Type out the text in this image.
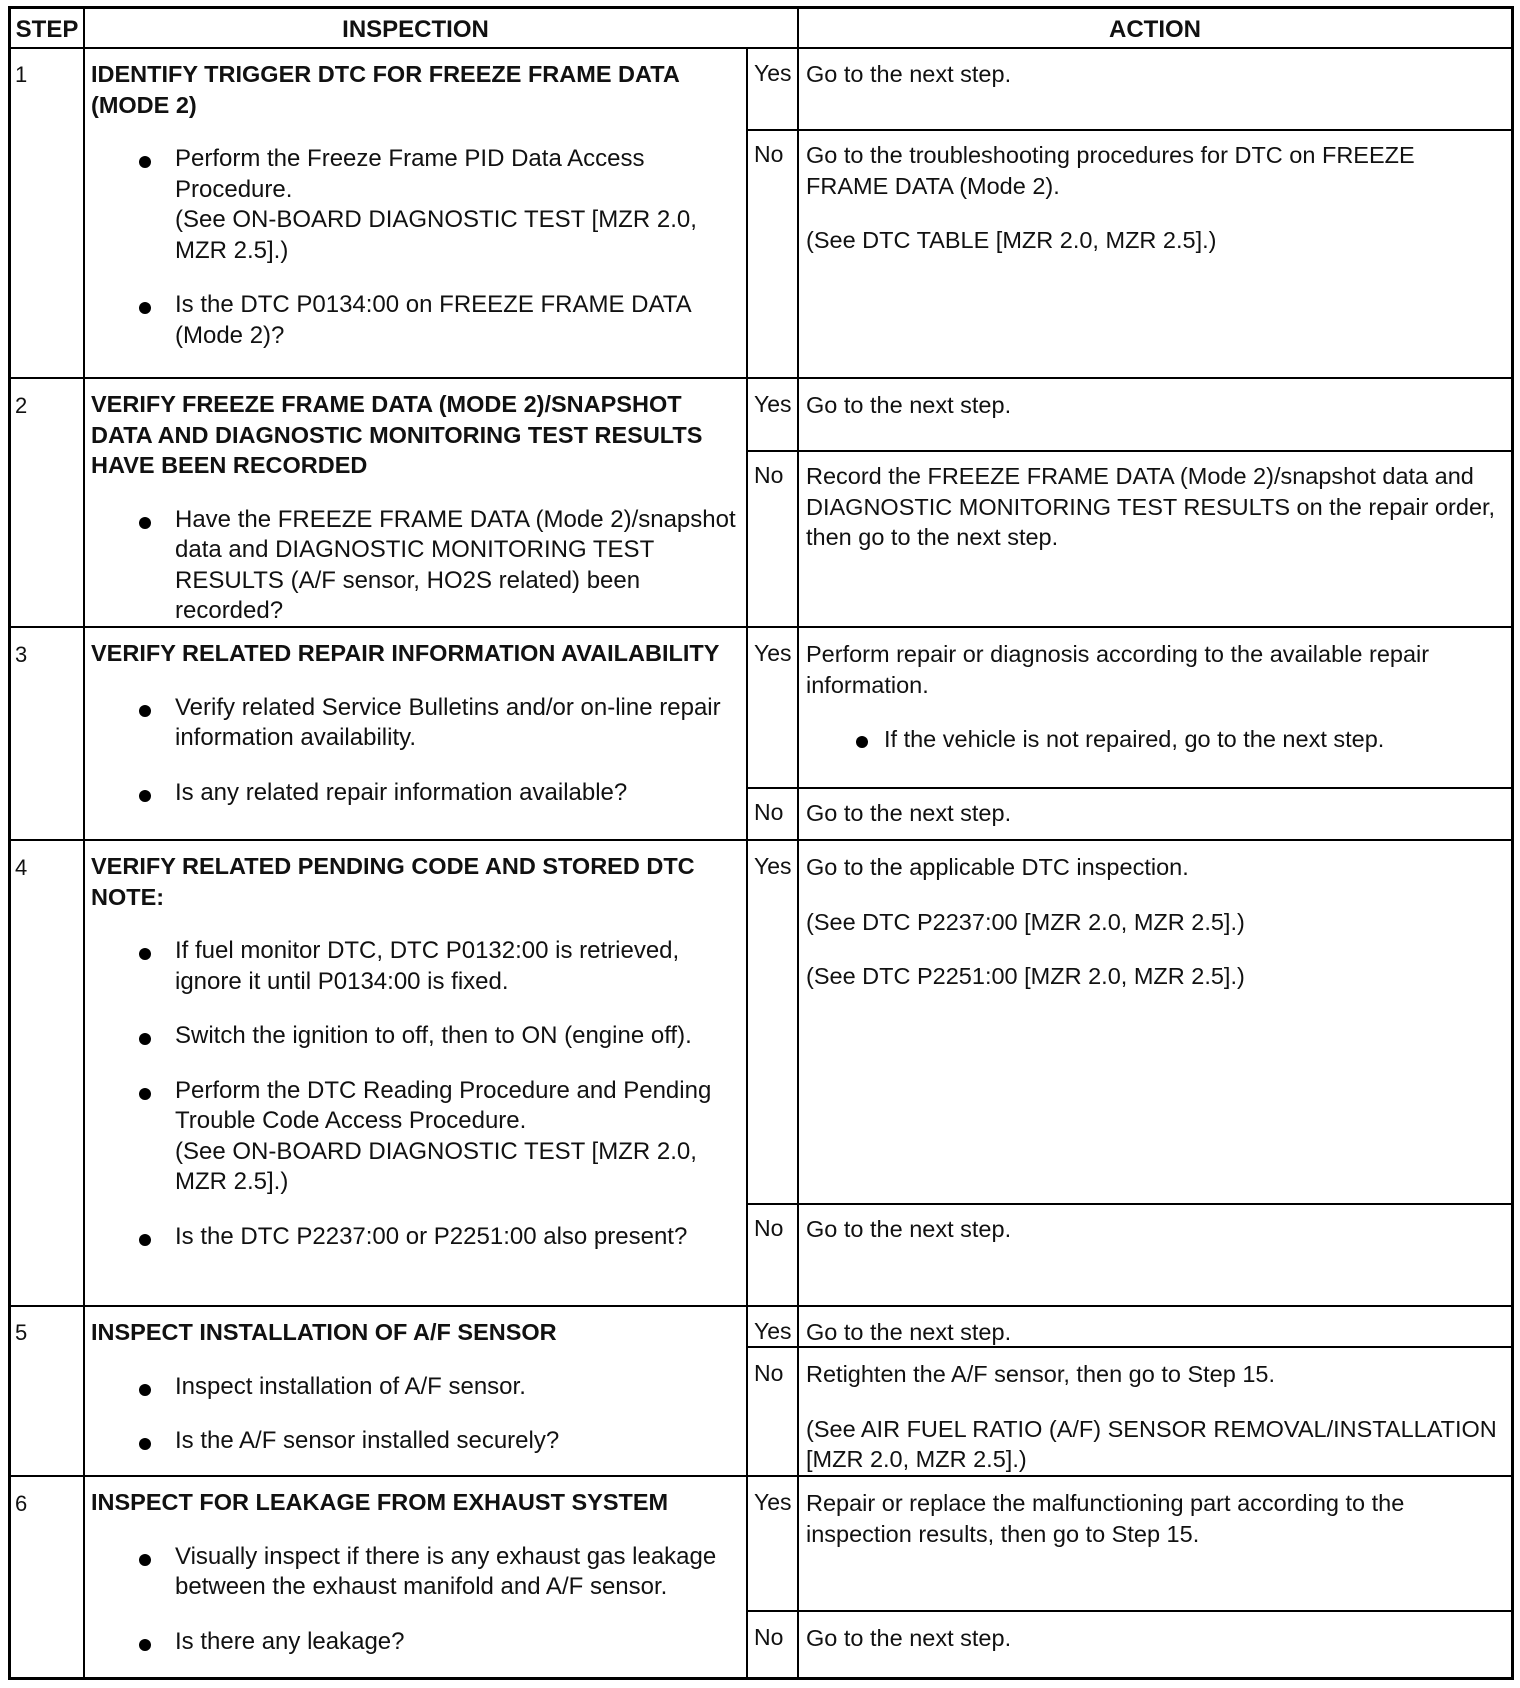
STEP	INSPECTION	ACTION
1	IDENTIFY TRIGGER DTC FOR FREEZE FRAME DATA (MODE 2)

Perform the Freeze Frame PID Data Access Procedure.

(See ON-BOARD DIAGNOSTIC TEST [MZR 2.0, MZR 2.5].)

Is the DTC P0134:00 on FREEZE FRAME DATA (Mode 2)?
Yes Go to the next step.

No Go to the troubleshooting procedures for DTC on FREEZE FRAME DATA (Mode 2).

(See DTC TABLE [MZR 2.0, MZR 2.5].)

2	VERIFY FREEZE FRAME DATA (MODE 2)/SNAPSHOT DATA AND DIAGNOSTIC MONITORING TEST RESULTS HAVE BEEN RECORDED

Have the FREEZE FRAME DATA (Mode 2)/snapshot data and DIAGNOSTIC MONITORING TEST RESULTS (A/F sensor, HO2S related) been recorded?
Yes Go to the next step.

No Record the FREEZE FRAME DATA (Mode 2)/snapshot data and DIAGNOSTIC MONITORING TEST RESULTS on the repair order, then go to the next step.

3	VERIFY RELATED REPAIR INFORMATION AVAILABILITY

Verify related Service Bulletins and/or on-line repair information availability.
Is any related repair information available?
Yes Perform repair or diagnosis according to the available repair information.

If the vehicle is not repaired, go to the next step.
No Go to the next step.

4	VERIFY RELATED PENDING CODE AND STORED DTC

NOTE:

If fuel monitor DTC, DTC P0132:00 is retrieved, ignore it until P0134:00 is fixed.
Switch the ignition to off, then to ON (engine off).
Perform the DTC Reading Procedure and Pending Trouble Code Access Procedure.

(See ON-BOARD DIAGNOSTIC TEST [MZR 2.0, MZR 2.5].)

Is the DTC P2237:00 or P2251:00 also present?
Yes Go to the applicable DTC inspection.

(See DTC P2237:00 [MZR 2.0, MZR 2.5].)

(See DTC P2251:00 [MZR 2.0, MZR 2.5].)

No Go to the next step.

5	INSPECT INSTALLATION OF A/F SENSOR

Inspect installation of A/F sensor.
Is the A/F sensor installed securely?
Yes Go to the next step.

No Retighten the A/F sensor, then go to Step 15.

(See AIR FUEL RATIO (A/F) SENSOR REMOVAL/INSTALLATION [MZR 2.0, MZR 2.5].)

6	INSPECT FOR LEAKAGE FROM EXHAUST SYSTEM

Visually inspect if there is any exhaust gas leakage between the exhaust manifold and A/F sensor.
Is there any leakage?
Yes Repair or replace the malfunctioning part according to the inspection results, then go to Step 15.

No Go to the next step.
